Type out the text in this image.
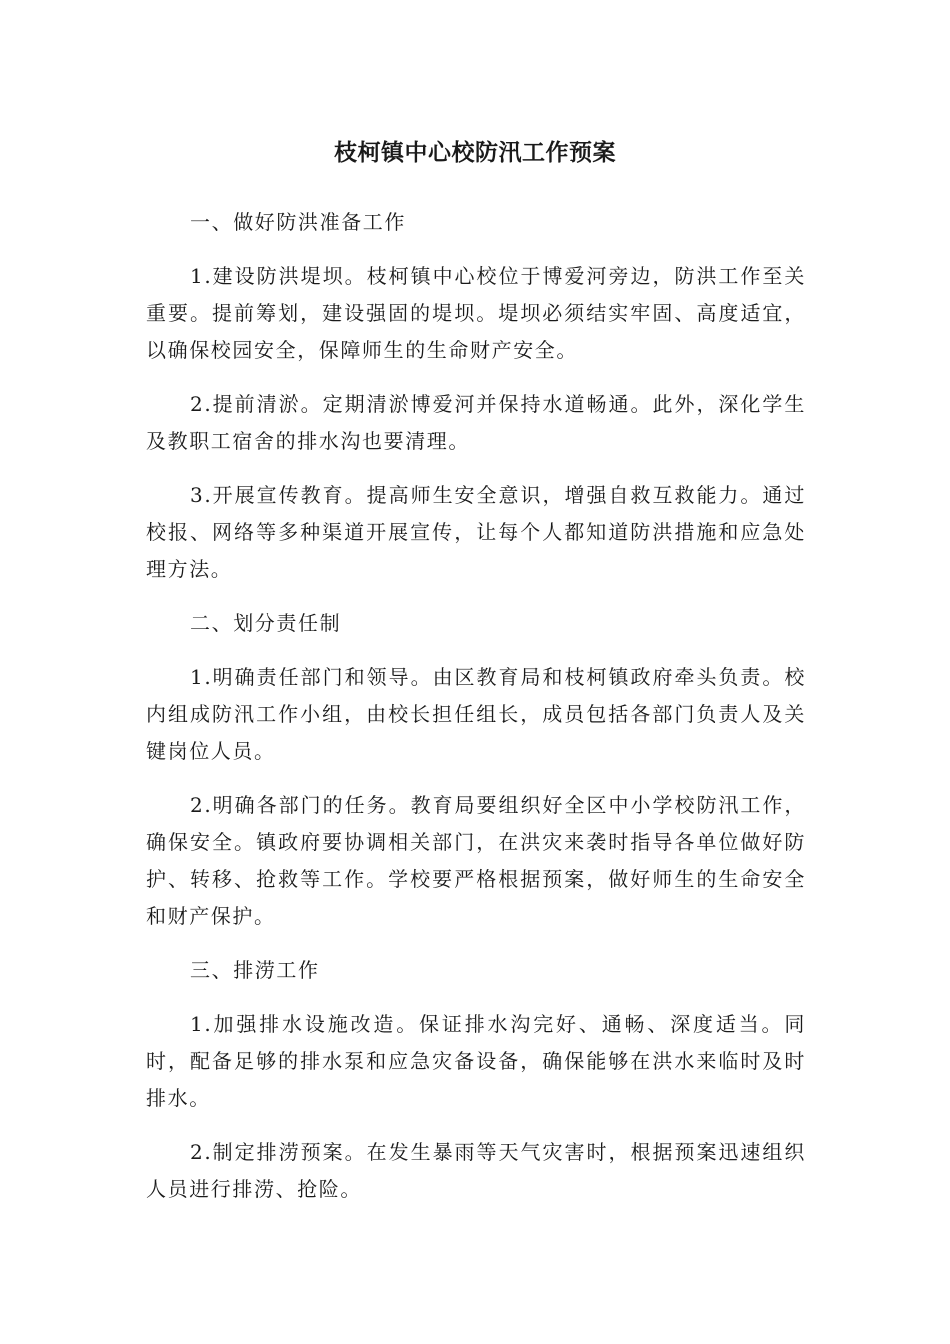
枝柯镇中心校防汛工作预案

一、做好防洪准备工作

1.建设防洪堤坝。枝柯镇中心校位于博爱河旁边，防洪工作至关重要。提前筹划，建设强固的堤坝。堤坝必须结实牢固、高度适宜，以确保校园安全，保障师生的生命财产安全。

2.提前清淤。定期清淤博爱河并保持水道畅通。此外，深化学生及教职工宿舍的排水沟也要清理。

3.开展宣传教育。提高师生安全意识，增强自救互救能力。通过校报、网络等多种渠道开展宣传，让每个人都知道防洪措施和应急处理方法。

二、划分责任制

1.明确责任部门和领导。由区教育局和枝柯镇政府牵头负责。校内组成防汛工作小组，由校长担任组长，成员包括各部门负责人及关键岗位人员。

2.明确各部门的任务。教育局要组织好全区中小学校防汛工作，确保安全。镇政府要协调相关部门，在洪灾来袭时指导各单位做好防护、转移、抢救等工作。学校要严格根据预案，做好师生的生命安全和财产保护。

三、排涝工作

1.加强排水设施改造。保证排水沟完好、通畅、深度适当。同时，配备足够的排水泵和应急灾备设备，确保能够在洪水来临时及时排水。

2.制定排涝预案。在发生暴雨等天气灾害时，根据预案迅速组织人员进行排涝、抢险。
